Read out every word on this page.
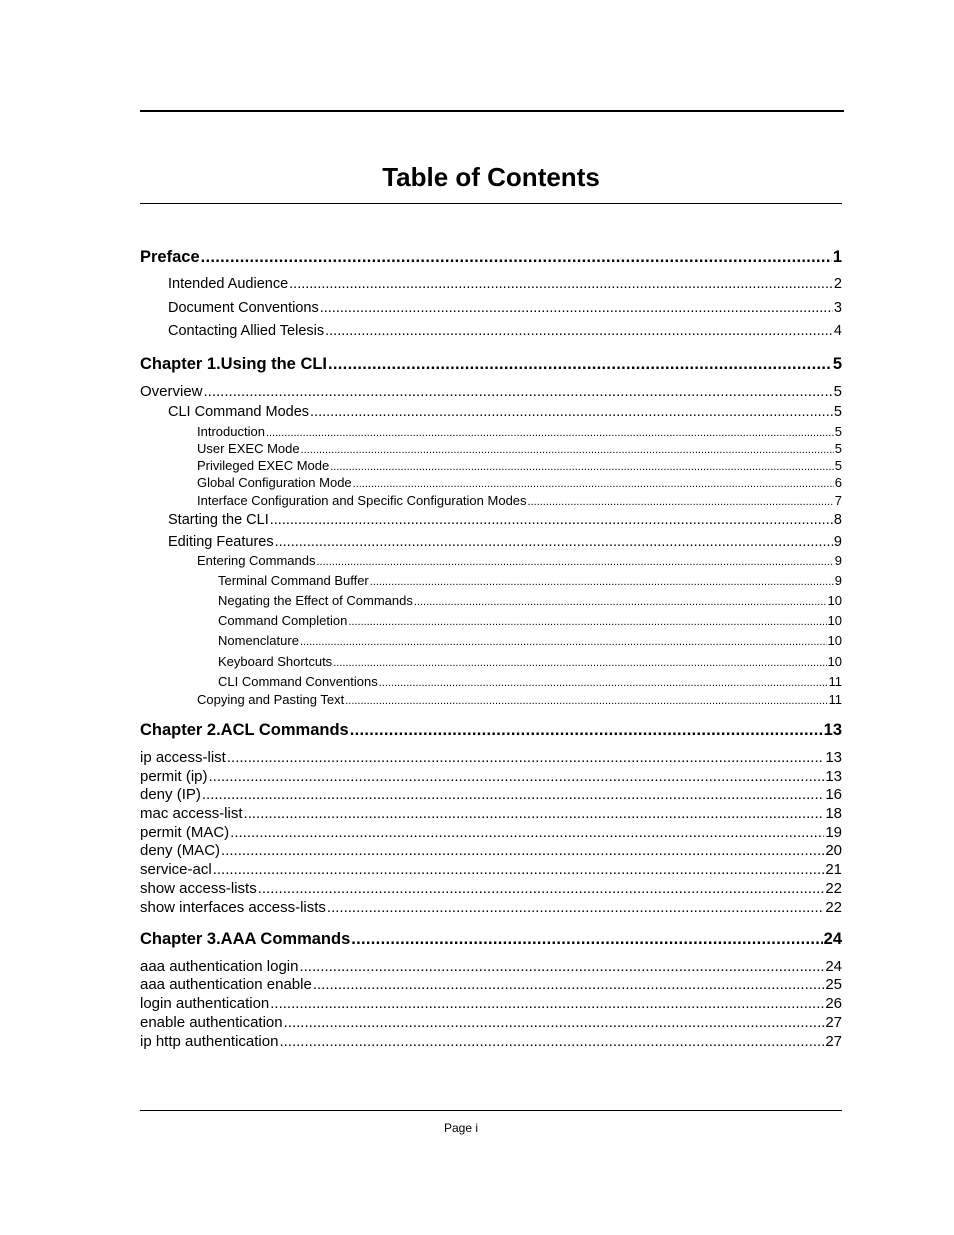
Table of Contents
Preface .....	1
Intended Audience .....	2
Document Conventions .....	3
Contacting Allied Telesis .....	4
Chapter 1.Using the CLI .....	5
Overview .....	5
CLI Command Modes .....	5
Introduction .....	5
User EXEC Mode .....	5
Privileged EXEC Mode .....	5
Global Configuration Mode .....	6
Interface Configuration and Specific Configuration Modes .....	7
Starting the CLI .....	8
Editing Features .....	9
Entering Commands .....	9
Terminal Command Buffer .....	9
Negating the Effect of Commands .....	10
Command Completion .....	10
Nomenclature .....	10
Keyboard Shortcuts .....	10
CLI Command Conventions .....	11
Copying and Pasting Text .....	11
Chapter 2.ACL Commands .....	13
ip access-list .....	13
permit (ip) .....	13
deny (IP) .....	16
mac access-list .....	18
permit (MAC) .....	19
deny (MAC) .....	20
service-acl .....	21
show access-lists .....	22
show interfaces access-lists .....	22
Chapter 3.AAA Commands .....	24
aaa authentication login .....	24
aaa authentication enable .....	25
login authentication .....	26
enable authentication .....	27
ip http authentication .....	27
Page i
